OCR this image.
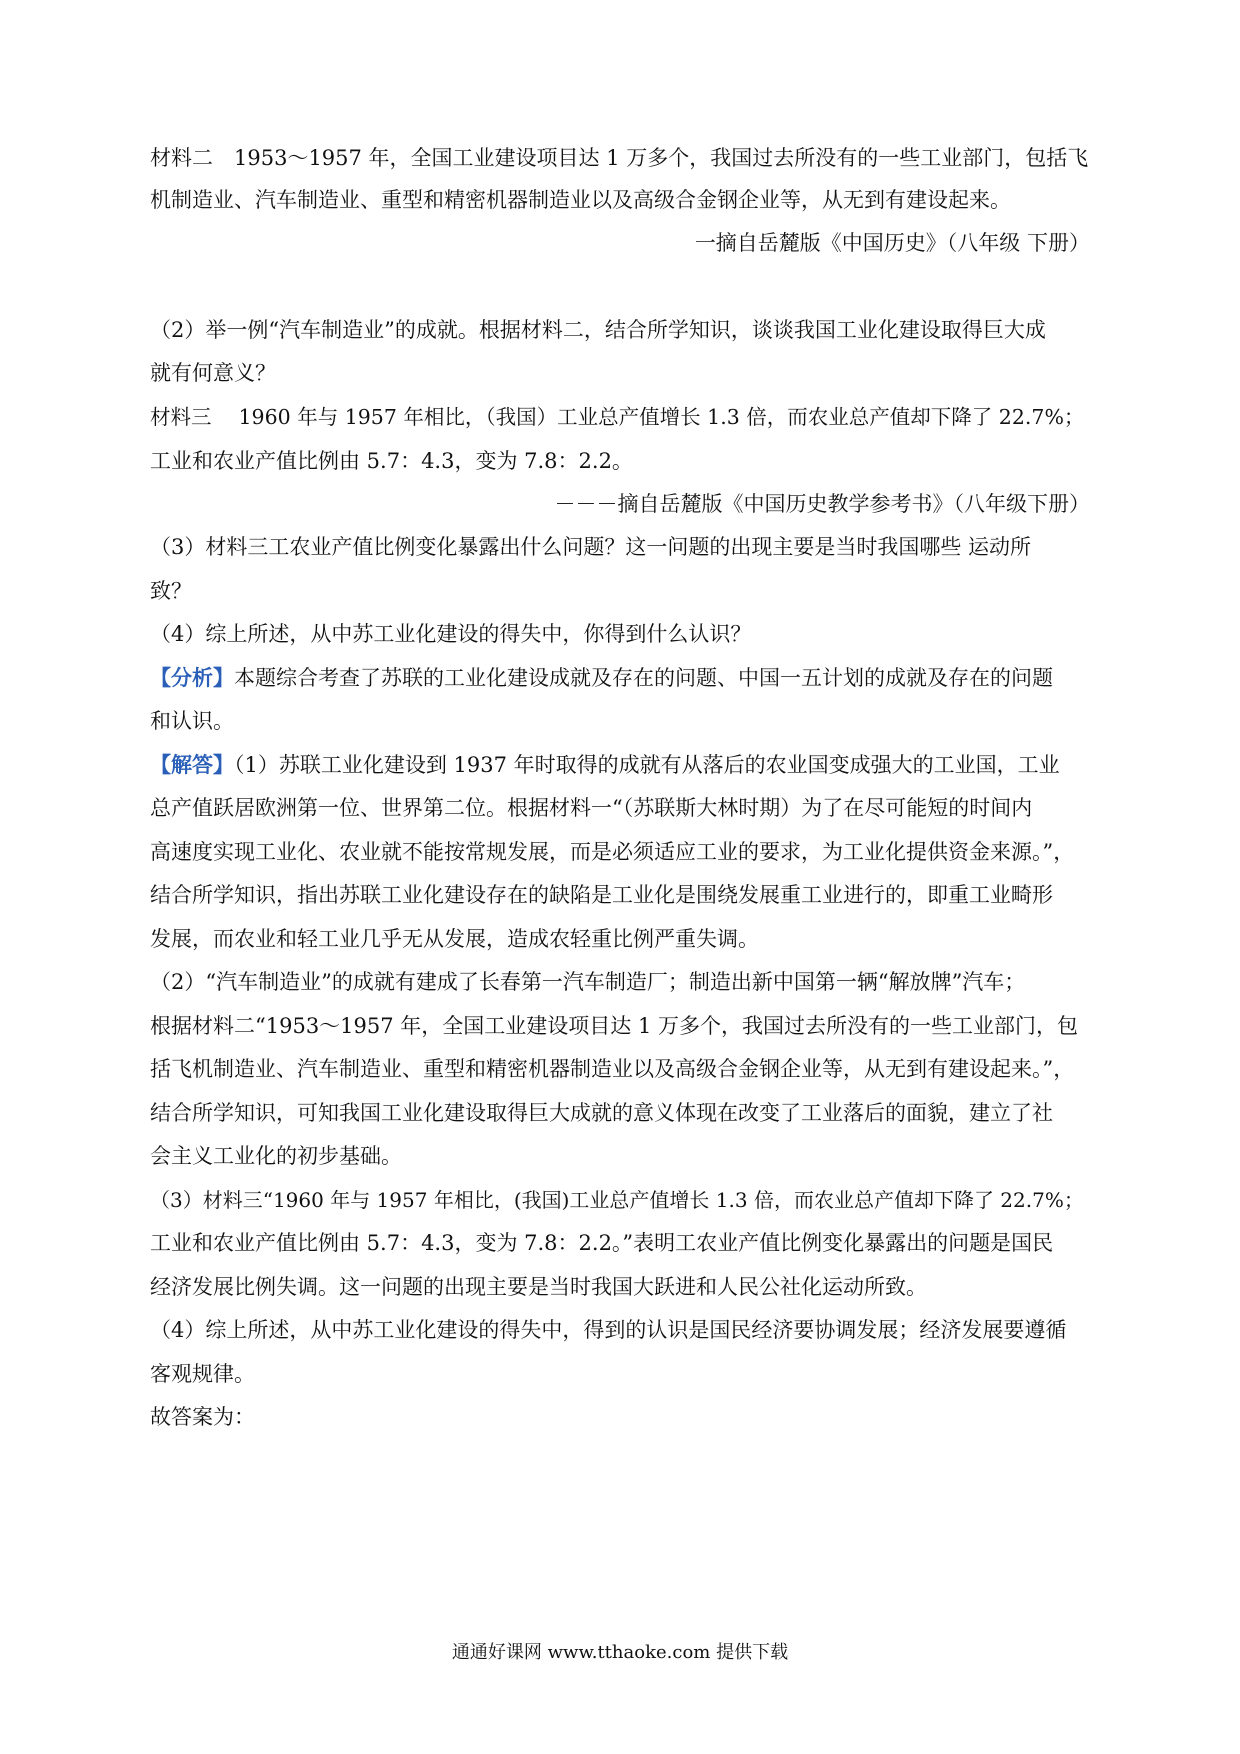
材料二　1953～1957 年，全国工业建设项目达 1 万多个，我国过去所没有的一些工业部门，包括飞
机制造业、汽车制造业、重型和精密机器制造业以及高级合金钢企业等，从无到有建设起来。
一摘自岳麓版《中国历史》（八年级 下册）
（2）举一例“汽车制造业”的成就。根据材料二，结合所学知识，谈谈我国工业化建设取得巨大成
就有何意义？
材料三　 1960 年与 1957 年相比，（我国）工业总产值增长 1.3 倍，而农业总产值却下降了 22.7%；
工业和农业产值比例由 5.7：4.3，变为 7.8：2.2。
－－－摘自岳麓版《中国历史教学参考书》（八年级下册）
（3）材料三工农业产值比例变化暴露出什么问题？这一问题的出现主要是当时我国哪些 运动所
致？
（4）综上所述，从中苏工业化建设的得失中，你得到什么认识？
【分析】本题综合考查了苏联的工业化建设成就及存在的问题、中国一五计划的成就及存在的问题
和认识。
【解答】（1）苏联工业化建设到 1937 年时取得的成就有从落后的农业国变成强大的工业国，工业
总产值跃居欧洲第一位、世界第二位。根据材料一“（苏联斯大林时期）为了在尽可能短的时间内
高速度实现工业化、农业就不能按常规发展，而是必须适应工业的要求，为工业化提供资金来源。”，
结合所学知识，指出苏联工业化建设存在的缺陷是工业化是围绕发展重工业进行的，即重工业畸形
发展，而农业和轻工业几乎无从发展，造成农轻重比例严重失调。
（2）“汽车制造业”的成就有建成了长春第一汽车制造厂；制造出新中国第一辆“解放牌”汽车；
根据材料二“1953～1957 年，全国工业建设项目达 1 万多个，我国过去所没有的一些工业部门，包
括飞机制造业、汽车制造业、重型和精密机器制造业以及高级合金钢企业等，从无到有建设起来。”，
结合所学知识，可知我国工业化建设取得巨大成就的意义体现在改变了工业落后的面貌，建立了社
会主义工业化的初步基础。
（3）材料三“1960 年与 1957 年相比，(我国)工业总产值增长 1.3 倍，而农业总产值却下降了 22.7%；
工业和农业产值比例由 5.7：4.3，变为 7.8：2.2。”表明工农业产值比例变化暴露出的问题是国民
经济发展比例失调。这一问题的出现主要是当时我国大跃进和人民公社化运动所致。
（4）综上所述，从中苏工业化建设的得失中，得到的认识是国民经济要协调发展；经济发展要遵循
客观规律。
故答案为：
通通好课网 www.tthaoke.com 提供下载
